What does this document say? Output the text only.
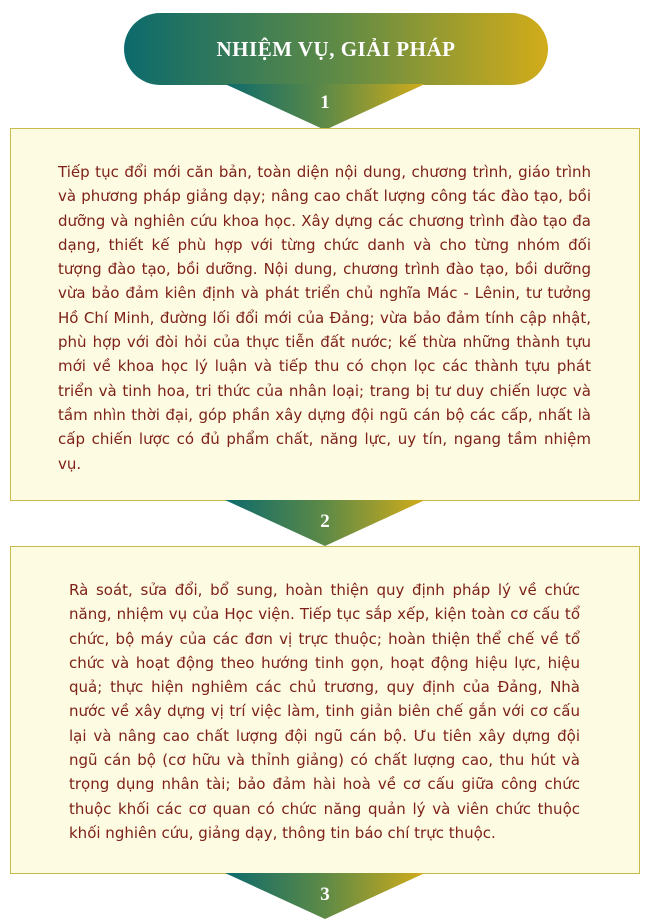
NHIỆM VỤ, GIẢI PHÁP
1

Tiếp tục đổi mới căn bản, toàn diện nội dung, chương trình, giáo trình và phương pháp giảng dạy; nâng cao chất lượng công tác đào tạo, bồi dưỡng và nghiên cứu khoa học. Xây dựng các chương trình đào tạo đa dạng, thiết kế phù hợp với từng chức danh và cho từng nhóm đối tượng đào tạo, bồi dưỡng. Nội dung, chương trình đào tạo, bồi dưỡng vừa bảo đảm kiên định và phát triển chủ nghĩa Mác - Lênin, tư tưởng Hồ Chí Minh, đường lối đổi mới của Đảng; vừa bảo đảm tính cập nhật, phù hợp với đòi hỏi của thực tiễn đất nước; kế thừa những thành tựu mới về khoa học lý luận và tiếp thu có chọn lọc các thành tựu phát triển và tinh hoa, tri thức của nhân loại; trang bị tư duy chiến lược và tầm nhìn thời đại, góp phần xây dựng đội ngũ cán bộ các cấp, nhất là cấp chiến lược có đủ phẩm chất, năng lực, uy tín, ngang tầm nhiệm vụ.

2

Rà soát, sửa đổi, bổ sung, hoàn thiện quy định pháp lý về chức năng, nhiệm vụ của Học viện. Tiếp tục sắp xếp, kiện toàn cơ cấu tổ chức, bộ máy của các đơn vị trực thuộc; hoàn thiện thể chế về tổ chức và hoạt động theo hướng tinh gọn, hoạt động hiệu lực, hiệu quả; thực hiện nghiêm các chủ trương, quy định của Đảng, Nhà nước về xây dựng vị trí việc làm, tinh giản biên chế gắn với cơ cấu lại và nâng cao chất lượng đội ngũ cán bộ. Ưu tiên xây dựng đội ngũ cán bộ (cơ hữu và thỉnh giảng) có chất lượng cao, thu hút và trọng dụng nhân tài; bảo đảm hài hoà về cơ cấu giữa công chức thuộc khối các cơ quan có chức năng quản lý và viên chức thuộc khối nghiên cứu, giảng dạy, thông tin báo chí trực thuộc.

3
